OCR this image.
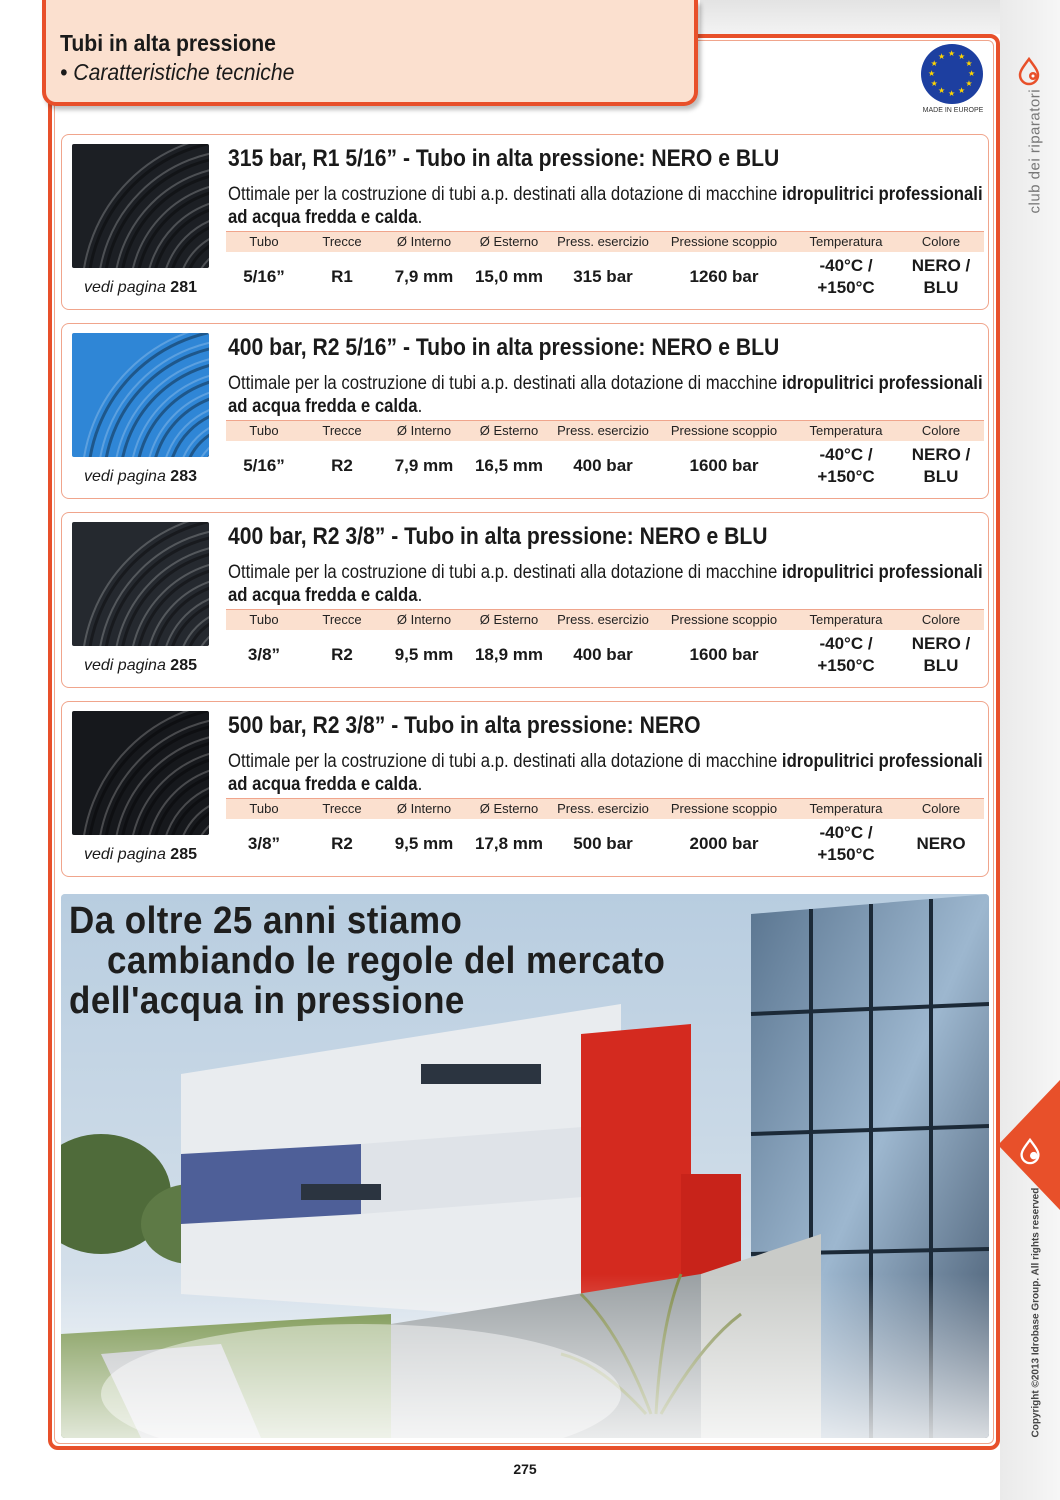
Tubi in alta pressione
• Caratteristiche tecniche	★
★
★
★
★
★
★
★
★ ★ ★
★
MADE IN EUROPE	club dei riparatori
vedi pagina 281
315 bar, R1 5/16” - Tubo in alta pressione: NERO e BLU
Ottimale per la costruzione di tubi a.p. destinati alla dotazione di macchine idropulitrici professionali ad acqua fredda e calda.
Tubo	Trecce	Ø Interno	Ø Esterno	Press. esercizio	Pressione scoppio	Temperatura	Colore
5/16”	R1	7,9 mm	15,0 mm	315 bar	1260 bar	-40°C / +150°C	NERO / BLU
vedi pagina 283
400 bar, R2 5/16” - Tubo in alta pressione: NERO e BLU
Ottimale per la costruzione di tubi a.p. destinati alla dotazione di macchine idropulitrici professionali ad acqua fredda e calda.
Tubo	Trecce	Ø Interno	Ø Esterno	Press. esercizio	Pressione scoppio	Temperatura	Colore
5/16”	R2	7,9 mm	16,5 mm	400 bar	1600 bar	-40°C / +150°C	NERO / BLU
vedi pagina 285
400 bar, R2 3/8” - Tubo in alta pressione: NERO e BLU
Ottimale per la costruzione di tubi a.p. destinati alla dotazione di macchine idropulitrici professionali ad acqua fredda e calda.
Tubo	Trecce	Ø Interno	Ø Esterno	Press. esercizio	Pressione scoppio	Temperatura	Colore
3/8”	R2	9,5 mm	18,9 mm	400 bar	1600 bar	-40°C / +150°C	NERO / BLU
vedi pagina 285
500 bar, R2 3/8” - Tubo in alta pressione: NERO
Ottimale per la costruzione di tubi a.p. destinati alla dotazione di macchine idropulitrici professionali ad acqua fredda e calda.
Tubo	Trecce	Ø Interno	Ø Esterno	Press. esercizio	Pressione scoppio	Temperatura	Colore
3/8”	R2	9,5 mm	17,8 mm	500 bar	2000 bar	-40°C / +150°C	NERO
Da oltre 25 anni stiamo
cambiando le regole del mercato
dell'acqua in pressione
Copyright ©2013 Idrobase Group. All rights reserved
275
